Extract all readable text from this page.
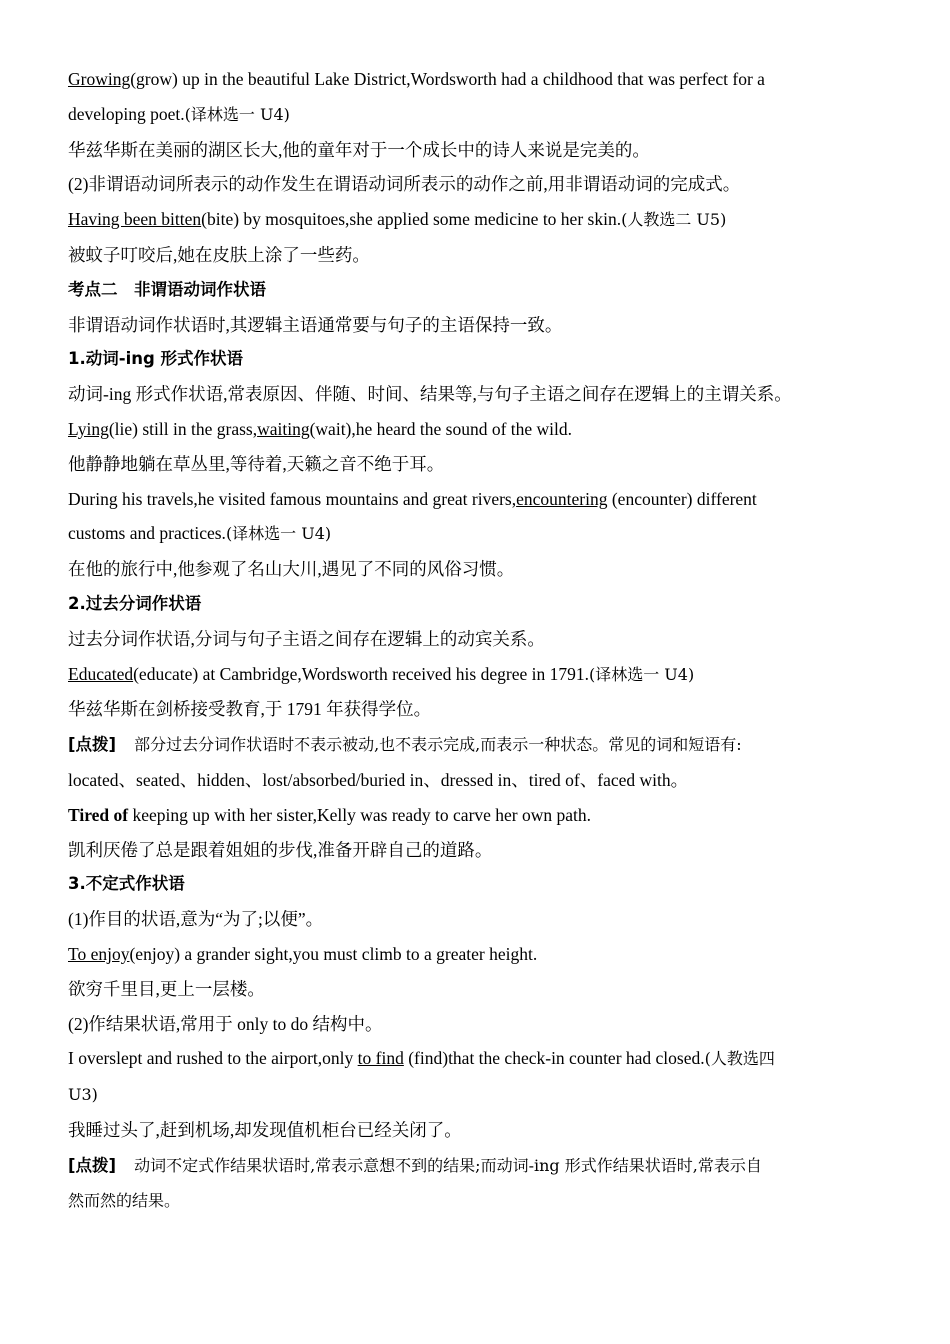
Growing(grow) up in the beautiful Lake District,Wordsworth had a childhood that was perfect for a

developing poet.(译林选一 U4)

华兹华斯在美丽的湖区长大,他的童年对于一个成长中的诗人来说是完美的。

(2)非谓语动词所表示的动作发生在谓语动词所表示的动作之前,用非谓语动词的完成式。

Having been bitten(bite) by mosquitoes,she applied some medicine to her skin.(人教选二 U5)

被蚊子叮咬后,她在皮肤上涂了一些药。

考点二　非谓语动词作状语

非谓语动词作状语时,其逻辑主语通常要与句子的主语保持一致。

1.动词-ing 形式作状语

动词-ing 形式作状语,常表原因、伴随、时间、结果等,与句子主语之间存在逻辑上的主谓关系。

Lying(lie) still in the grass,waiting(wait),he heard the sound of the wild.

他静静地躺在草丛里,等待着,天籁之音不绝于耳。

During his travels,he visited famous mountains and great rivers,encountering (encounter) different

customs and practices.(译林选一 U4)

在他的旅行中,他参观了名山大川,遇见了不同的风俗习惯。

2.过去分词作状语

过去分词作状语,分词与句子主语之间存在逻辑上的动宾关系。

Educated(educate) at Cambridge,Wordsworth received his degree in 1791.(译林选一 U4)

华兹华斯在剑桥接受教育,于 1791 年获得学位。

[点拨] 部分过去分词作状语时不表示被动,也不表示完成,而表示一种状态。常见的词和短语有:

located、seated、hidden、lost/absorbed/buried in、dressed in、tired of、faced with。

Tired of keeping up with her sister,Kelly was ready to carve her own path.

凯利厌倦了总是跟着姐姐的步伐,准备开辟自己的道路。

3.不定式作状语

(1)作目的状语,意为“为了;以便”。

To enjoy(enjoy) a grander sight,you must climb to a greater height.

欲穷千里目,更上一层楼。

(2)作结果状语,常用于 only to do 结构中。

I overslept and rushed to the airport,only to find (find)that the check-in counter had closed.(人教选四

U3)

我睡过头了,赶到机场,却发现值机柜台已经关闭了。

[点拨] 动词不定式作结果状语时,常表示意想不到的结果;而动词-ing 形式作结果状语时,常表示自

然而然的结果。
